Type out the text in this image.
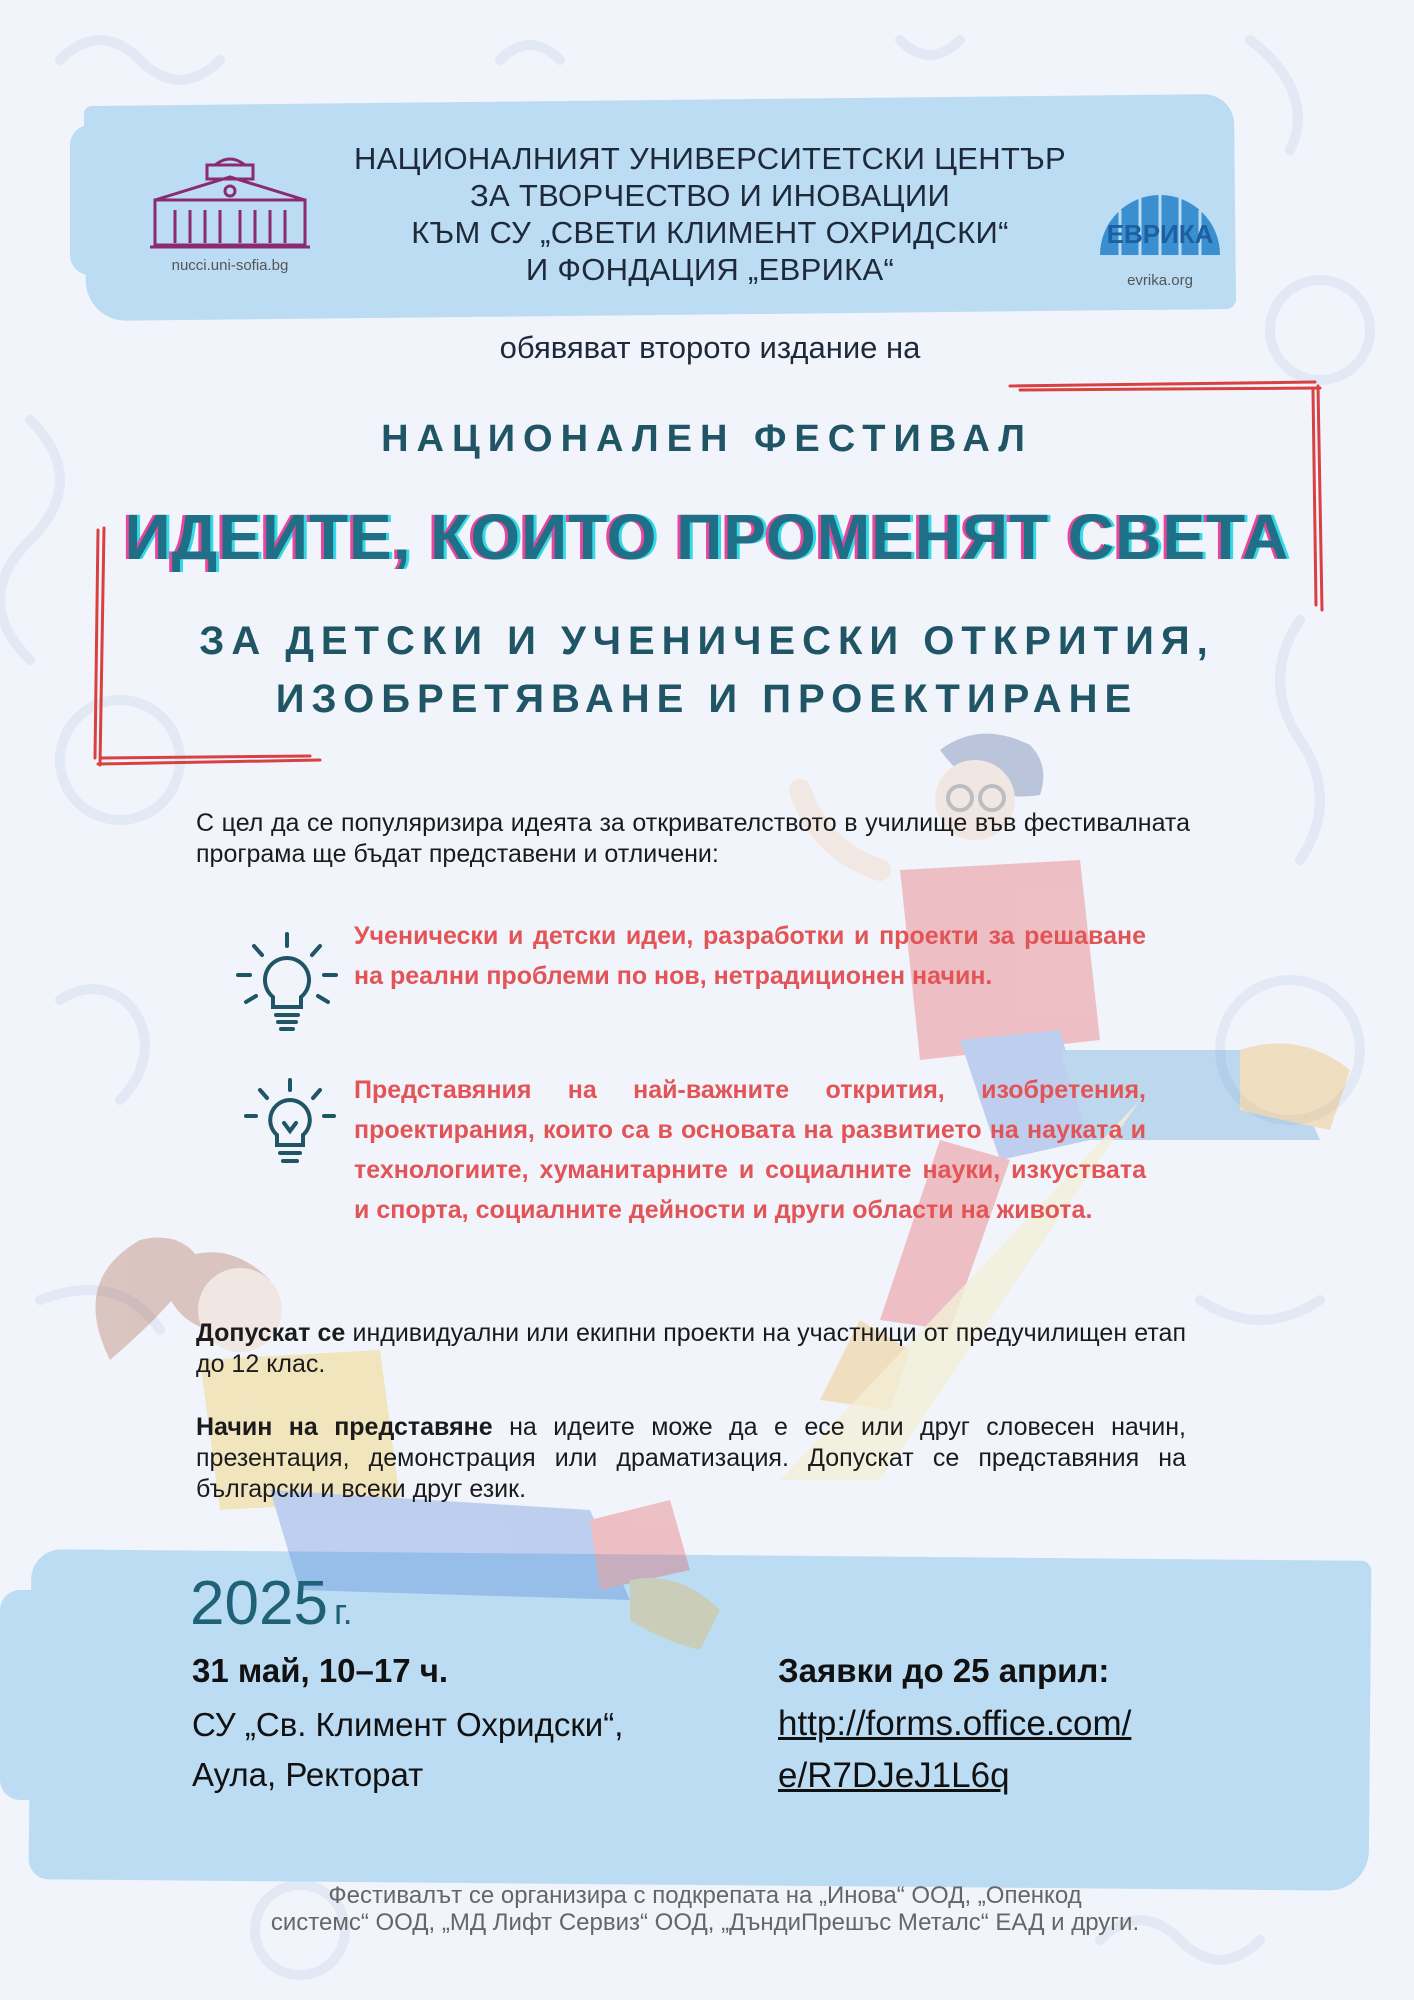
nucci.uni-sofia.bg
НАЦИОНАЛНИЯТ УНИВЕРСИТЕТСКИ ЦЕНТЪР
ЗА ТВОРЧЕСТВО И ИНОВАЦИИ
КЪМ СУ „СВЕТИ КЛИМЕНТ ОХРИДСКИ“
И ФОНДАЦИЯ „ЕВРИКА“
ЕВРИКА
evrika.org
обявяват второто издание на
НАЦИОНАЛЕН ФЕСТИВАЛ
ИДЕИТЕ, КОИТО ПРОМЕНЯТ СВЕТА
ЗА ДЕТСКИ И УЧЕНИЧЕСКИ ОТКРИТИЯ,
ИЗОБРЕТЯВАНЕ И ПРОЕКТИРАНЕ

С цел да се популяризира идеята за откривателството в училище във фестивалната програма ще бъдат представени и отличени:

Ученически и детски идеи, разработки и проекти за решаване на реални проблеми по нов, нетрадиционен начин.

Представяния на най-важните открития, изобретения, проектирания, които са в основата на развитието на науката и технологиите, хуманитарните и социалните науки, изкуствата и спорта, социалните дейности и други области на живота.

Допускат се индивидуални или екипни проекти на участници от предучилищен етап до 12 клас.

Начин на представяне на идеите може да е есе или друг словесен начин, презентация, демонстрация или драматизация. Допускат се представяния на български и всеки друг език.

2025 г.
31 май, 10–17 ч.
СУ „Св. Климент Охридски“,
Аула, Ректорат
Заявки до 25 април:
http://forms.office.com/
e/R7DJeJ1L6q
Фестивалът се организира с подкрепата на „Инова“ ООД, „Опенкод
системс“ ООД, „МД Лифт Сервиз“ ООД, „ДъндиПрешъс Металс“ ЕАД и други.
